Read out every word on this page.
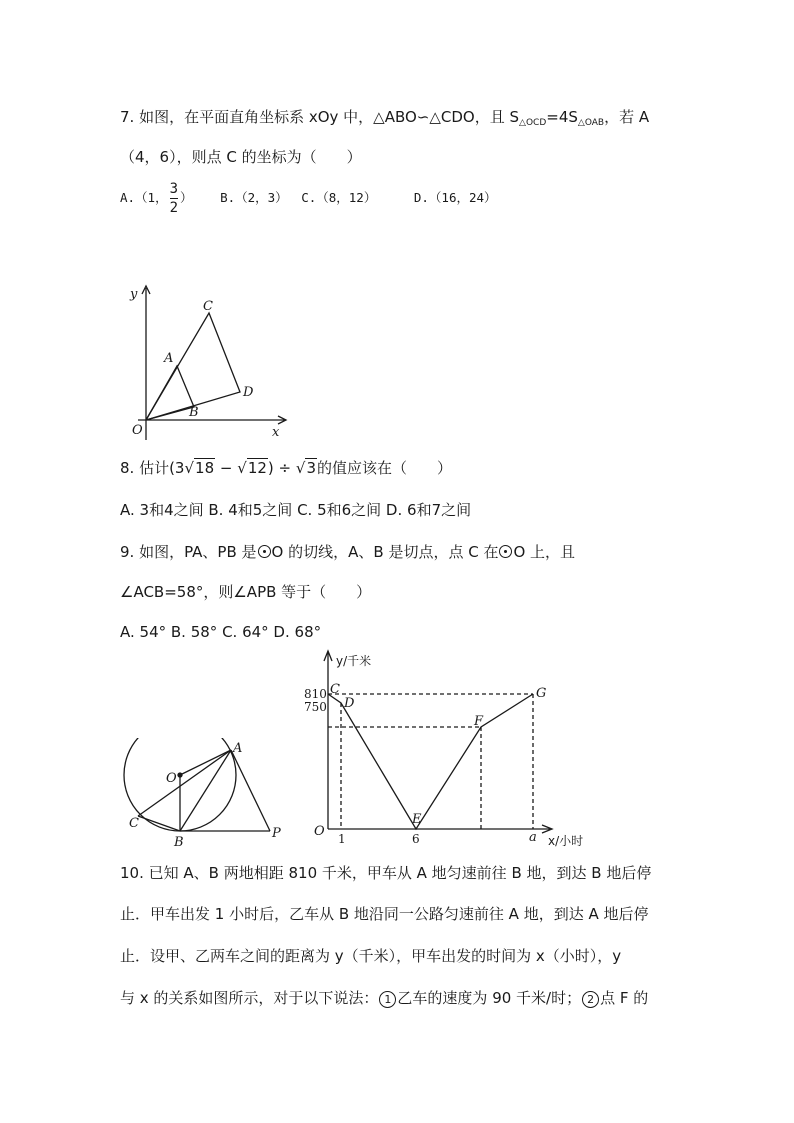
7. 如图，在平面直角坐标系 xOy 中，△ABO∽△CDO，且 $S_{\triangle OCD}=4S_{\triangle OAB}$，若 A
（4，6），则点 C 的坐标为（　　）
A.（1， $\frac{3}{2}$ ） B.（2，3） C.（8，12）	D.（16，24）
y
x
O
A
B
C
D
8. 估计(3√18 − √12) ÷ √3的值应该在（　　）
A. 3和4之间 B. 4和5之间 C. 5和6之间 D. 6和7之间
9. 如图，PA、PB 是 O 的切线，A、B 是切点，点 C 在 O 上，且
∠ACB=58°，则∠APB 等于（　　）
A. 54° B. 58° C. 64° D. 68°
O
A
B
C
P
y/千米
x/小时
O
C
D
E
F
G
810
750
1	6	a
10. 已知 A、B 两地相距 810 千米，甲车从 A 地匀速前往 B 地，到达 B 地后停
止．甲车出发 1 小时后，乙车从 B 地沿同一公路匀速前往 A 地，到达 A 地后停
止．设甲、乙两车之间的距离为 y（千米），甲车出发的时间为 x（小时），y
与 x 的关系如图所示，对于以下说法： 1 乙车的速度为 90 千米/时； 2 点 F 的
